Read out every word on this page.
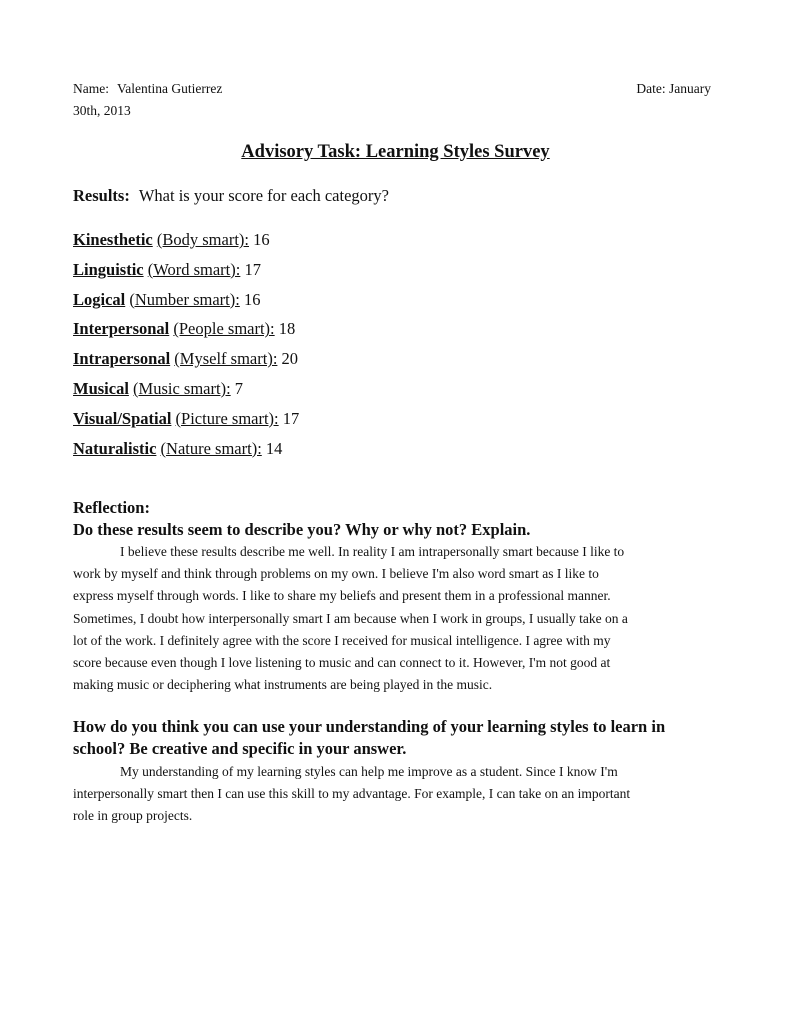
Name: Valentina Gutierrez	Date: January
30th, 2013
Advisory Task: Learning Styles Survey
Results: What is your score for each category?
Kinesthetic (Body smart): 16
Linguistic (Word smart): 17
Logical (Number smart): 16
Interpersonal (People smart): 18
Intrapersonal (Myself smart): 20
Musical (Music smart): 7
Visual/Spatial (Picture smart): 17
Naturalistic (Nature smart): 14
Reflection:
Do these results seem to describe you? Why or why not? Explain.

I believe these results describe me well. In reality I am intrapersonally smart because I like to
work by myself and think through problems on my own. I believe I'm also word smart as I like to
express myself through words. I like to share my beliefs and present them in a professional manner.
Sometimes, I doubt how interpersonally smart I am because when I work in groups, I usually take on a
lot of the work. I definitely agree with the score I received for musical intelligence. I agree with my
score because even though I love listening to music and can connect to it. However, I'm not good at
making music or deciphering what instruments are being played in the music.

How do you think you can use your understanding of your learning styles to learn in
school? Be creative and specific in your answer.

My understanding of my learning styles can help me improve as a student. Since I know I'm
interpersonally smart then I can use this skill to my advantage. For example, I can take on an important
role in group projects.
